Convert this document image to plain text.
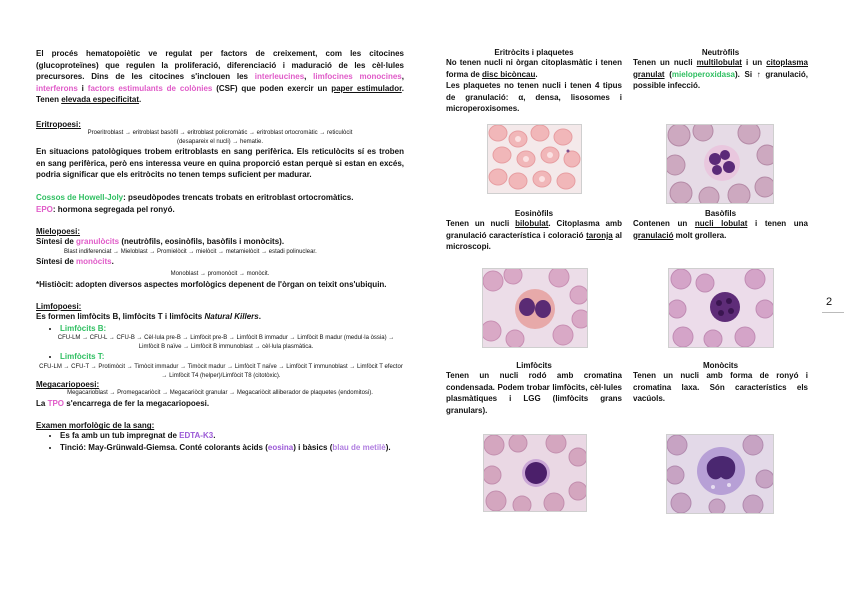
El procés hematopoiètic ve regulat per factors de creixement, com les citocines (glucoproteïnes) que regulen la proliferació, diferenciació i maduració de les cèl·lules precursores. Dins de les citocines s'inclouen les interleucines, limfocines monocines, interferons i factors estimulants de colònies (CSF) que poden exercir un paper estimulador. Tenen elevada especificitat.

Eritropoesi:
Proeritroblast → eritroblast basòfil → eritroblast policromàtic → eritroblast ortocromàtic → reticulòcit (desapareix el nucli) → hematie.

En situacions patològiques trobem eritroblasts en sang perifèrica. Els reticulòcits sí es troben en sang perifèrica, però ens interessa veure en quina proporció estan perquè si estan en excés, podria significar que els eritròcits no tenen temps suficient per madurar.

Cossos de Howell-Joly: pseudòpodes trencats trobats en eritroblast ortocromàtics.

EPO: hormona segregada pel ronyó.

Mielopoesi:

Síntesi de granulòcits (neutròfils, eosinòfils, basòfils i monòcits).

Blast indiferenciat → Mieloblast → Promielòcit → mielòcit → metamielòcit → estadi polinuclear.

Síntesi de monòcits.

Monoblast → promonòcit → monòcit.

*Histiòcit: adopten diversos aspectes morfològics depenent de l'òrgan on teixit ons'ubiquin.

Limfopoesi:

Es formen limfòcits B, limfòcits T i limfòcits Natural Killers.

• Limfòcits B:
CFU-LM → CFU-L → CFU-B → Cèl·lula pre-B → Limfòcit pre-B → Limfòcit B immadur → Limfòcit B madur (medul·la òssia) → Limfòcit B naïve → Limfòcit B immunoblast → cèl·lula plasmàtica.
• Limfòcits T:
CFU-LM → CFU-T → Protimòcit → Timòcit immadur → Timòcit madur → Limfòcit T naïve → Limfòcit T immunoblast → Limfòcit T efector → Limfòcit T4 (helper)/Limfòcit T8 (citotòxic).
Megacariopoesi:
Megacarioblast → Promegacariòcit → Megacariòcit granular → Megacariòcit alliberador de plaquetes (endomitosi).

La TPO s'encarrega de fer la megacariopoesi.

Examen morfològic de la sang:
• Es fa amb un tub impregnat de EDTA-K3.
• Tinció: May-Grünwald-Giemsa. Conté colorants àcids (eosina) i bàsics (blau de metilè).
Eritròcits i plaquetes

No tenen nucli ni òrgan citoplasmàtic i tenen forma de disc bicòncau.

Les plaquetes no tenen nucli i tenen 4 tipus de granulació: α, densa, lisosomes i microperoxisomes.

Neutròfils

Tenen un nucli multilobulat i un citoplasma granulat (mieloperoxidasa). Si ↑ granulació, possible infecció.

Eosinòfils

Tenen un nucli bilobulat. Citoplasma amb granulació característica i coloració taronja al microscopi.

Basòfils

Contenen un nucli lobulat i tenen una granulació molt grollera.

Limfòcits

Tenen un nucli rodó amb cromatina condensada. Podem trobar limfòcits, cèl·lules plasmàtiques i LGG (limfòcits grans granulars).

Monòcits

Tenen un nucli amb forma de ronyó i cromatina laxa. Són característics els vacúols.

2
